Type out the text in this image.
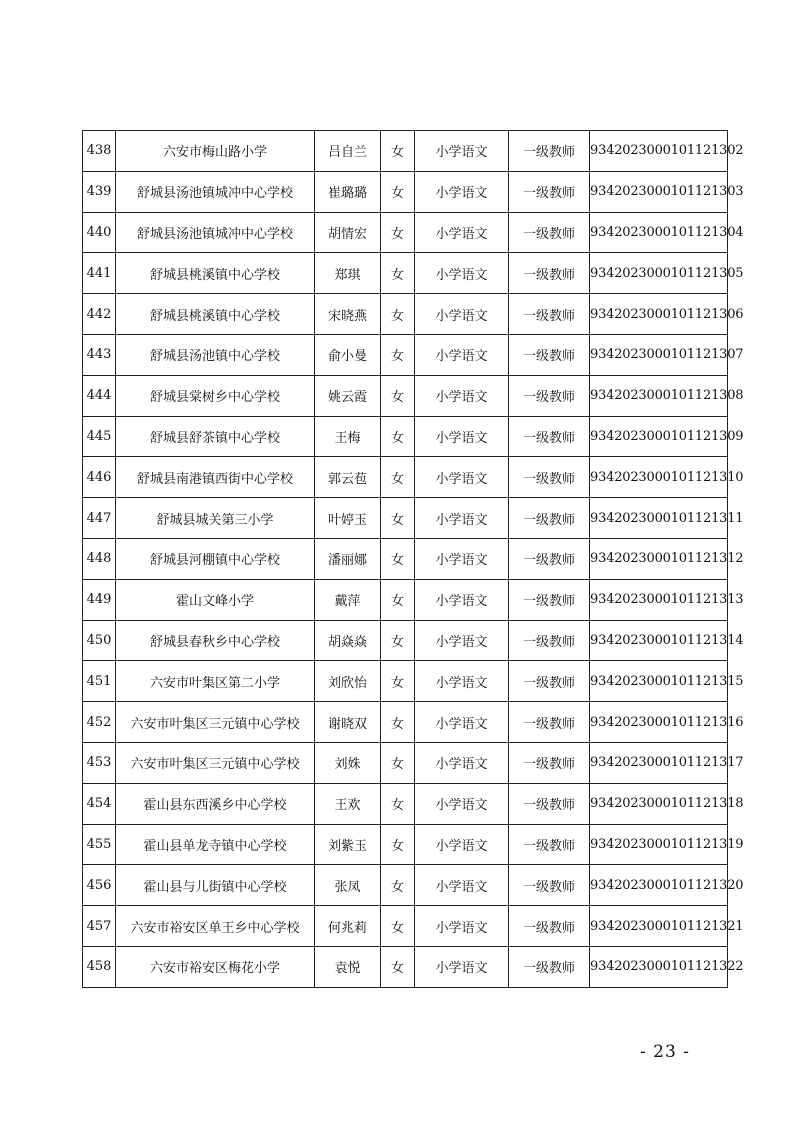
438	六安市梅山路小学	吕自兰	女	小学语文	一级教师	9342023000101121302
439	舒城县汤池镇城冲中心学校	崔璐璐	女	小学语文	一级教师	9342023000101121303
440	舒城县汤池镇城冲中心学校	胡情宏	女	小学语文	一级教师	9342023000101121304
441	舒城县桃溪镇中心学校	郑琪	女	小学语文	一级教师	9342023000101121305
442	舒城县桃溪镇中心学校	宋晓燕	女	小学语文	一级教师	9342023000101121306
443	舒城县汤池镇中心学校	俞小曼	女	小学语文	一级教师	9342023000101121307
444	舒城县棠树乡中心学校	姚云霞	女	小学语文	一级教师	9342023000101121308
445	舒城县舒茶镇中心学校	王梅	女	小学语文	一级教师	9342023000101121309
446	舒城县南港镇西街中心学校	郭云苞	女	小学语文	一级教师	9342023000101121310
447	舒城县城关第三小学	叶婷玉	女	小学语文	一级教师	9342023000101121311
448	舒城县河棚镇中心学校	潘丽娜	女	小学语文	一级教师	9342023000101121312
449	霍山文峰小学	戴萍	女	小学语文	一级教师	9342023000101121313
450	舒城县春秋乡中心学校	胡焱焱	女	小学语文	一级教师	9342023000101121314
451	六安市叶集区第二小学	刘欣怡	女	小学语文	一级教师	9342023000101121315
452	六安市叶集区三元镇中心学校	谢晓双	女	小学语文	一级教师	9342023000101121316
453	六安市叶集区三元镇中心学校	刘姝	女	小学语文	一级教师	9342023000101121317
454	霍山县东西溪乡中心学校	王欢	女	小学语文	一级教师	9342023000101121318
455	霍山县单龙寺镇中心学校	刘紫玉	女	小学语文	一级教师	9342023000101121319
456	霍山县与儿街镇中心学校	张凤	女	小学语文	一级教师	9342023000101121320
457	六安市裕安区单王乡中心学校	何兆莉	女	小学语文	一级教师	9342023000101121321
458	六安市裕安区梅花小学	袁悦	女	小学语文	一级教师	9342023000101121322
- 23 -
